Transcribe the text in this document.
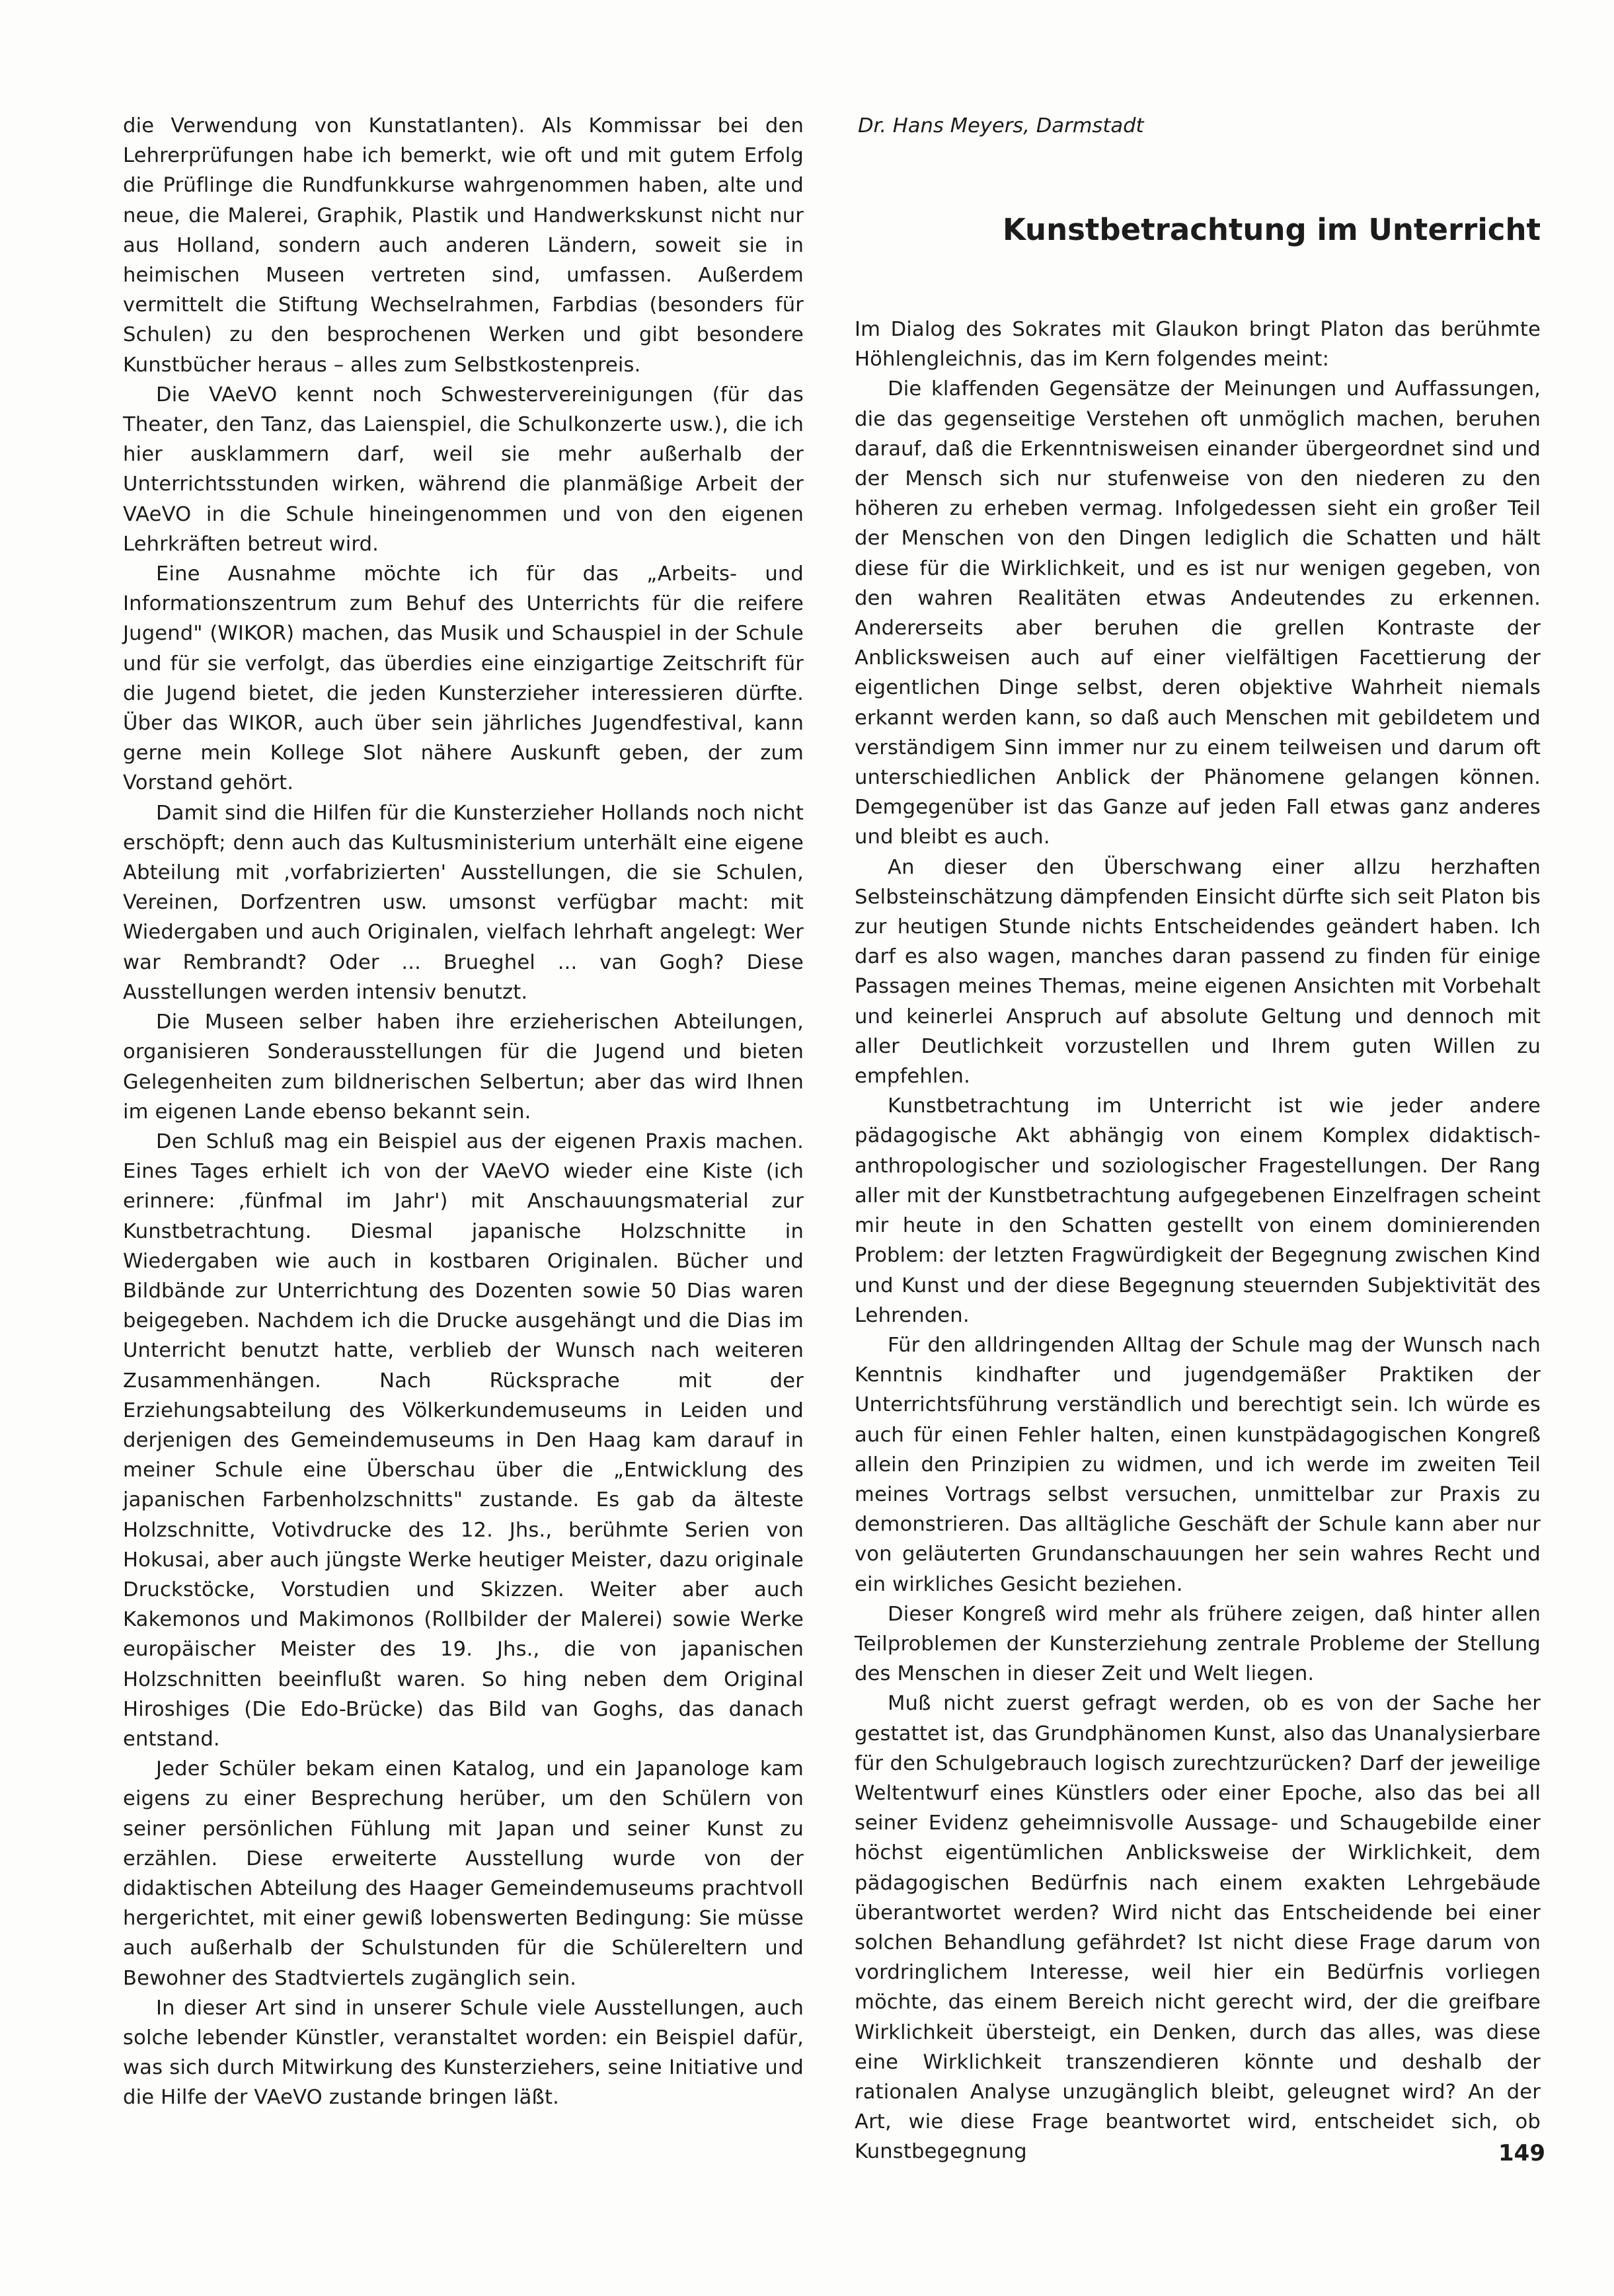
die Verwendung von Kunstatlanten). Als Kommissar bei den Lehrerprüfungen habe ich bemerkt, wie oft und mit gutem Erfolg die Prüflinge die Rundfunkkurse wahrgenommen haben, alte und neue, die Malerei, Graphik, Plastik und Handwerkskunst nicht nur aus Holland, sondern auch anderen Ländern, soweit sie in heimischen Museen vertreten sind, umfassen. Außerdem vermittelt die Stiftung Wechselrahmen, Farbdias (besonders für Schulen) zu den besprochenen Werken und gibt besondere Kunstbücher heraus – alles zum Selbstkostenpreis.

Die VAeVO kennt noch Schwestervereinigungen (für das Theater, den Tanz, das Laienspiel, die Schulkonzerte usw.), die ich hier ausklammern darf, weil sie mehr außerhalb der Unterrichtsstunden wirken, während die planmäßige Arbeit der VAeVO in die Schule hineingenommen und von den eigenen Lehrkräften betreut wird.

Eine Ausnahme möchte ich für das „Arbeits- und Informationszentrum zum Behuf des Unterrichts für die reifere Jugend" (WIKOR) machen, das Musik und Schauspiel in der Schule und für sie verfolgt, das überdies eine einzigartige Zeitschrift für die Jugend bietet, die jeden Kunsterzieher interessieren dürfte. Über das WIKOR, auch über sein jährliches Jugendfestival, kann gerne mein Kollege Slot nähere Auskunft geben, der zum Vorstand gehört.

Damit sind die Hilfen für die Kunsterzieher Hollands noch nicht erschöpft; denn auch das Kultusministerium unterhält eine eigene Abteilung mit ‚vorfabrizierten' Ausstellungen, die sie Schulen, Vereinen, Dorfzentren usw. umsonst verfügbar macht: mit Wiedergaben und auch Originalen, vielfach lehrhaft angelegt: Wer war Rembrandt? Oder ... Brueghel ... van Gogh? Diese Ausstellungen werden intensiv benutzt.

Die Museen selber haben ihre erzieherischen Abteilungen, organisieren Sonderausstellungen für die Jugend und bieten Gelegenheiten zum bildnerischen Selbertun; aber das wird Ihnen im eigenen Lande ebenso bekannt sein.

Den Schluß mag ein Beispiel aus der eigenen Praxis machen. Eines Tages erhielt ich von der VAeVO wieder eine Kiste (ich erinnere: ‚fünfmal im Jahr') mit Anschauungsmaterial zur Kunstbetrachtung. Diesmal japanische Holzschnitte in Wiedergaben wie auch in kostbaren Originalen. Bücher und Bildbände zur Unterrichtung des Dozenten sowie 50 Dias waren beigegeben. Nachdem ich die Drucke ausgehängt und die Dias im Unterricht benutzt hatte, verblieb der Wunsch nach weiteren Zusammenhängen. Nach Rücksprache mit der Erziehungsabteilung des Völkerkundemuseums in Leiden und derjenigen des Gemeindemuseums in Den Haag kam darauf in meiner Schule eine Überschau über die „Entwicklung des japanischen Farbenholzschnitts" zustande. Es gab da älteste Holzschnitte, Votivdrucke des 12. Jhs., berühmte Serien von Hokusai, aber auch jüngste Werke heutiger Meister, dazu originale Druckstöcke, Vorstudien und Skizzen. Weiter aber auch Kakemonos und Makimonos (Rollbilder der Malerei) sowie Werke europäischer Meister des 19. Jhs., die von japanischen Holzschnitten beeinflußt waren. So hing neben dem Original Hiroshiges (Die Edo-Brücke) das Bild van Goghs, das danach entstand.

Jeder Schüler bekam einen Katalog, und ein Japanologe kam eigens zu einer Besprechung herüber, um den Schülern von seiner persönlichen Fühlung mit Japan und seiner Kunst zu erzählen. Diese erweiterte Ausstellung wurde von der didaktischen Abteilung des Haager Gemeindemuseums prachtvoll hergerichtet, mit einer gewiß lobenswerten Bedingung: Sie müsse auch außerhalb der Schulstunden für die Schülereltern und Bewohner des Stadtviertels zugänglich sein.

In dieser Art sind in unserer Schule viele Ausstellungen, auch solche lebender Künstler, veranstaltet worden: ein Beispiel dafür, was sich durch Mitwirkung des Kunsterziehers, seine Initiative und die Hilfe der VAeVO zustande bringen läßt.

Dr. Hans Meyers, Darmstadt
Kunstbetrachtung im Unterricht

Im Dialog des Sokrates mit Glaukon bringt Platon das berühmte Höhlengleichnis, das im Kern folgendes meint:

Die klaffenden Gegensätze der Meinungen und Auffassungen, die das gegenseitige Verstehen oft unmöglich machen, beruhen darauf, daß die Erkenntnisweisen einander übergeordnet sind und der Mensch sich nur stufenweise von den niederen zu den höheren zu erheben vermag. Infolgedessen sieht ein großer Teil der Menschen von den Dingen lediglich die Schatten und hält diese für die Wirklichkeit, und es ist nur wenigen gegeben, von den wahren Realitäten etwas Andeutendes zu erkennen. Andererseits aber beruhen die grellen Kontraste der Anblicksweisen auch auf einer vielfältigen Facettierung der eigentlichen Dinge selbst, deren objektive Wahrheit niemals erkannt werden kann, so daß auch Menschen mit gebildetem und verständigem Sinn immer nur zu einem teilweisen und darum oft unterschiedlichen Anblick der Phänomene gelangen können. Demgegenüber ist das Ganze auf jeden Fall etwas ganz anderes und bleibt es auch.

An dieser den Überschwang einer allzu herzhaften Selbsteinschätzung dämpfenden Einsicht dürfte sich seit Platon bis zur heutigen Stunde nichts Entscheidendes geändert haben. Ich darf es also wagen, manches daran passend zu finden für einige Passagen meines Themas, meine eigenen Ansichten mit Vorbehalt und keinerlei Anspruch auf absolute Geltung und dennoch mit aller Deutlichkeit vorzustellen und Ihrem guten Willen zu empfehlen.

Kunstbetrachtung im Unterricht ist wie jeder andere pädagogische Akt abhängig von einem Komplex didaktisch-anthropologischer und soziologischer Fragestellungen. Der Rang aller mit der Kunstbetrachtung aufgegebenen Einzelfragen scheint mir heute in den Schatten gestellt von einem dominierenden Problem: der letzten Fragwürdigkeit der Begegnung zwischen Kind und Kunst und der diese Begegnung steuernden Subjektivität des Lehrenden.

Für den alldringenden Alltag der Schule mag der Wunsch nach Kenntnis kindhafter und jugendgemäßer Praktiken der Unterrichtsführung verständlich und berechtigt sein. Ich würde es auch für einen Fehler halten, einen kunstpädagogischen Kongreß allein den Prinzipien zu widmen, und ich werde im zweiten Teil meines Vortrags selbst versuchen, unmittelbar zur Praxis zu demonstrieren. Das alltägliche Geschäft der Schule kann aber nur von geläuterten Grundanschauungen her sein wahres Recht und ein wirkliches Gesicht beziehen.

Dieser Kongreß wird mehr als frühere zeigen, daß hinter allen Teilproblemen der Kunsterziehung zentrale Probleme der Stellung des Menschen in dieser Zeit und Welt liegen.

Muß nicht zuerst gefragt werden, ob es von der Sache her gestattet ist, das Grundphänomen Kunst, also das Unanalysierbare für den Schulgebrauch logisch zurechtzurücken? Darf der jeweilige Weltentwurf eines Künstlers oder einer Epoche, also das bei all seiner Evidenz geheimnisvolle Aussage- und Schaugebilde einer höchst eigentümlichen Anblicksweise der Wirklichkeit, dem pädagogischen Bedürfnis nach einem exakten Lehrgebäude überantwortet werden? Wird nicht das Entscheidende bei einer solchen Behandlung gefährdet? Ist nicht diese Frage darum von vordringlichem Interesse, weil hier ein Bedürfnis vorliegen möchte, das einem Bereich nicht gerecht wird, der die greifbare Wirklichkeit übersteigt, ein Denken, durch das alles, was diese eine Wirklichkeit transzendieren könnte und deshalb der rationalen Analyse unzugänglich bleibt, geleugnet wird? An der Art, wie diese Frage beantwortet wird, entscheidet sich, ob Kunstbegegnung	149
